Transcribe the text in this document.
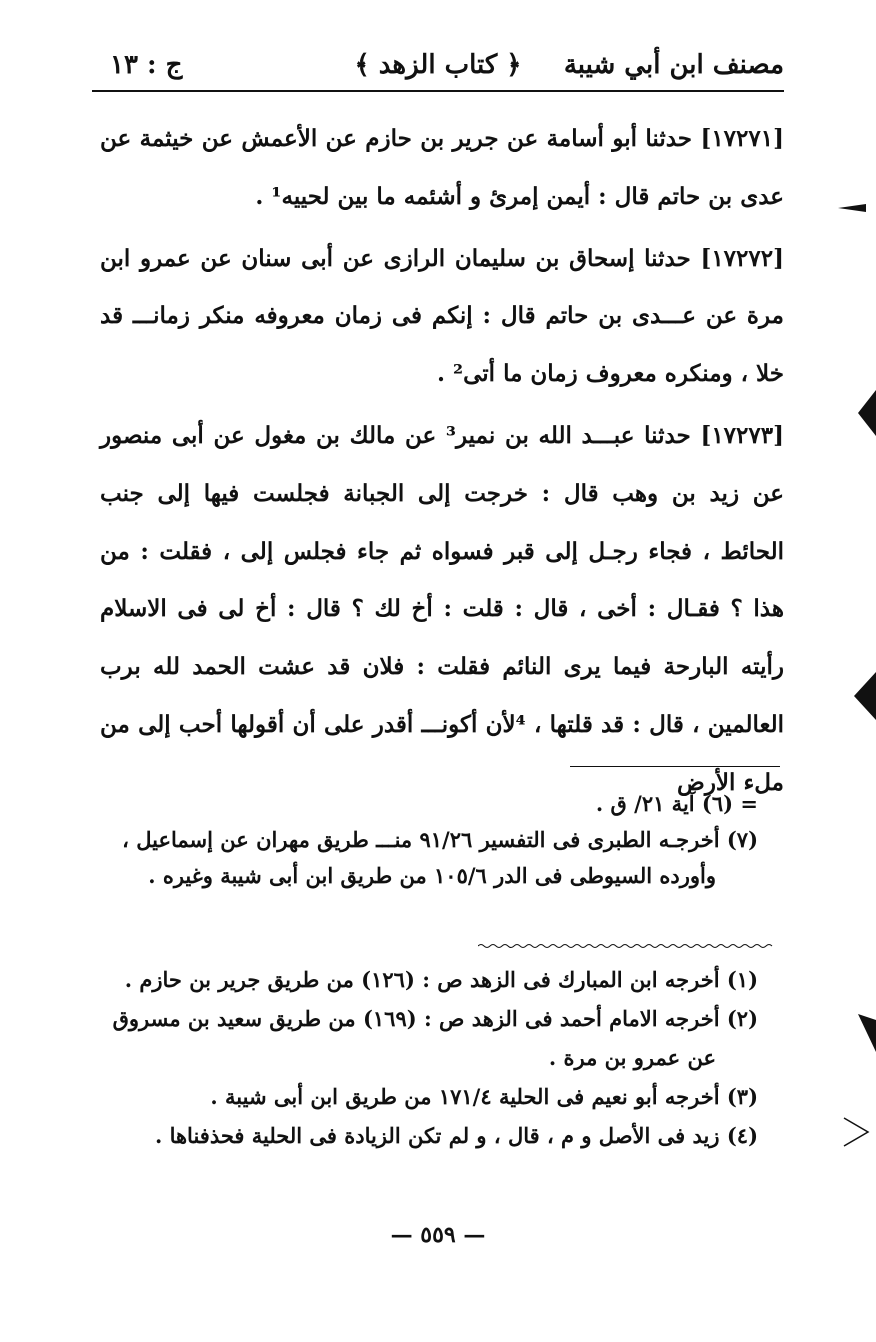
مصنف ابن أبي شيبة
﴿ كتاب الزهد ﴾
ج : ١٣

[١٧٢٧١] حدثنا أبو أسامة عن جرير بن حازم عن الأعمش عن خيثمة عن عدى بن حاتم قال : أيمن إمرئ و أشئمه ما بين لحييه¹ .

[١٧٢٧٢] حدثنا إسحاق بن سليمان الرازى عن أبى سنان عن عمرو ابن مرة عن عـــدى بن حاتم قال : إنكم فى زمان معروفه منكر زمانـــ قد خلا ، ومنكره معروف زمان ما أتى² .

[١٧٢٧٣] حدثنا عبـــد الله بن نمير³ عن مالك بن مغول عن أبى منصور عن زيد بن وهب قال : خرجت إلى الجبانة فجلست فيها إلى جنب الحائط ، فجاء رجـل إلى قبر فسواه ثم جاء فجلس إلى ، فقلت : من هذا ؟ فقـال : أخى ، قال : قلت : أخ لك ؟ قال : أخ لى فى الاسلام رأيته البارحة فيما يرى النائم فقلت : فلان قد عشت الحمد لله برب العالمين ، قال : قد قلتها ، ⁴لأن أكونـــ أقدر على أن أقولها أحب إلى من ملء الأرض

= (٦) آية ٢١/ ق .

(٧) أخرجـه الطبرى فى التفسير ٩١/٢٦ منـــ طريق مهران عن إسماعيل ،

وأورده السيوطى فى الدر ١٠٥/٦ من طريق ابن أبى شيبة وغيره .

(١) أخرجه ابن المبارك فى الزهد ص : (١٢٦) من طريق جرير بن حازم .

(٢) أخرجه الامام أحمد فى الزهد ص : (١٦٩) من طريق سعيد بن مسروق

عن عمرو بن مرة .

(٣) أخرجه أبو نعيم فى الحلية ١٧١/٤ من طريق ابن أبى شيبة .

(٤) زيد فى الأصل و م ، قال ، و لم تكن الزيادة فى الحلية فحذفناها .

— ٥٥٩ —
